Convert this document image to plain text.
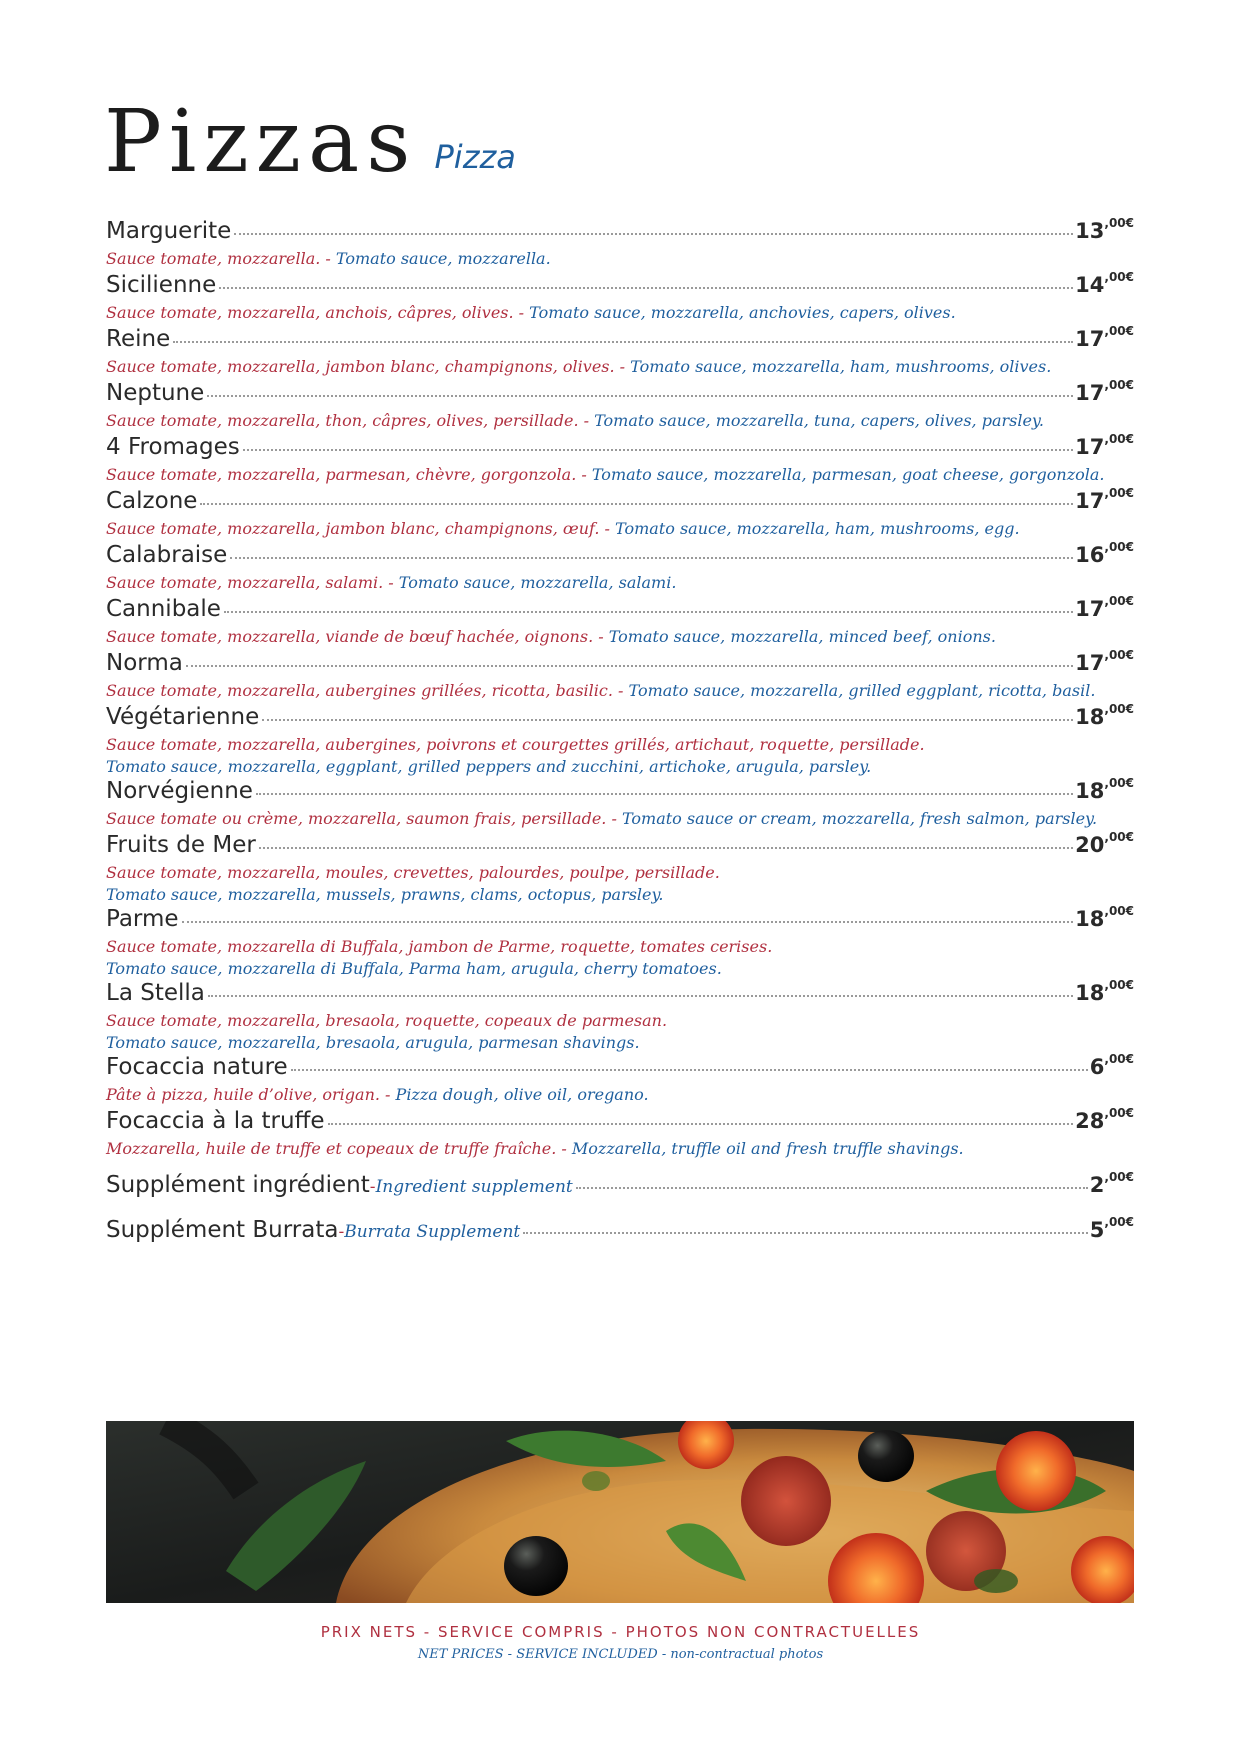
Pizzas Pizza
Marguerite	$13^{,00€}$
Sauce tomate, mozzarella. - Tomato sauce, mozzarella.
Sicilienne	$14^{,00€}$
Sauce tomate, mozzarella, anchois, câpres, olives. - Tomato sauce, mozzarella, anchovies, capers, olives.
Reine	$17^{,00€}$
Sauce tomate, mozzarella, jambon blanc, champignons, olives. - Tomato sauce, mozzarella, ham, mushrooms, olives.
Neptune	$17^{,00€}$
Sauce tomate, mozzarella, thon, câpres, olives, persillade. - Tomato sauce, mozzarella, tuna, capers, olives, parsley.
4 Fromages	$17^{,00€}$
Sauce tomate, mozzarella, parmesan, chèvre, gorgonzola. - Tomato sauce, mozzarella, parmesan, goat cheese, gorgonzola.
Calzone	$17^{,00€}$
Sauce tomate, mozzarella, jambon blanc, champignons, œuf. - Tomato sauce, mozzarella, ham, mushrooms, egg.
Calabraise	$16^{,00€}$
Sauce tomate, mozzarella, salami. - Tomato sauce, mozzarella, salami.
Cannibale	$17^{,00€}$
Sauce tomate, mozzarella, viande de bœuf hachée, oignons. - Tomato sauce, mozzarella, minced beef, onions.
Norma	$17^{,00€}$
Sauce tomate, mozzarella, aubergines grillées, ricotta, basilic. - Tomato sauce, mozzarella, grilled eggplant, ricotta, basil.
Végétarienne	$18^{,00€}$
Sauce tomate, mozzarella, aubergines, poivrons et courgettes grillés, artichaut, roquette, persillade.
Tomato sauce, mozzarella, eggplant, grilled peppers and zucchini, artichoke, arugula, parsley.
Norvégienne	$18^{,00€}$
Sauce tomate ou crème, mozzarella, saumon frais, persillade. - Tomato sauce or cream, mozzarella, fresh salmon, parsley.
Fruits de Mer	$20^{,00€}$
Sauce tomate, mozzarella, moules, crevettes, palourdes, poulpe, persillade.
Tomato sauce, mozzarella, mussels, prawns, clams, octopus, parsley.
Parme	$18^{,00€}$
Sauce tomate, mozzarella di Buffala, jambon de Parme, roquette, tomates cerises.
Tomato sauce, mozzarella di Buffala, Parma ham, arugula, cherry tomatoes.
La Stella	$18^{,00€}$
Sauce tomate, mozzarella, bresaola, roquette, copeaux de parmesan.
Tomato sauce, mozzarella, bresaola, arugula, parmesan shavings.
Focaccia nature	$6^{,00€}$
Pâte à pizza, huile d’olive, origan. - Pizza dough, olive oil, oregano.
Focaccia à la truffe	$28^{,00€}$
Mozzarella, huile de truffe et copeaux de truffe fraîche. - Mozzarella, truffle oil and fresh truffle shavings.
Supplément ingrédient - Ingredient supplement	$2^{,00€}$
Supplément Burrata - Burrata Supplement	$5^{,00€}$
PRIX NETS - SERVICE COMPRIS - PHOTOS NON CONTRACTUELLES
NET PRICES - SERVICE INCLUDED - non-contractual photos
